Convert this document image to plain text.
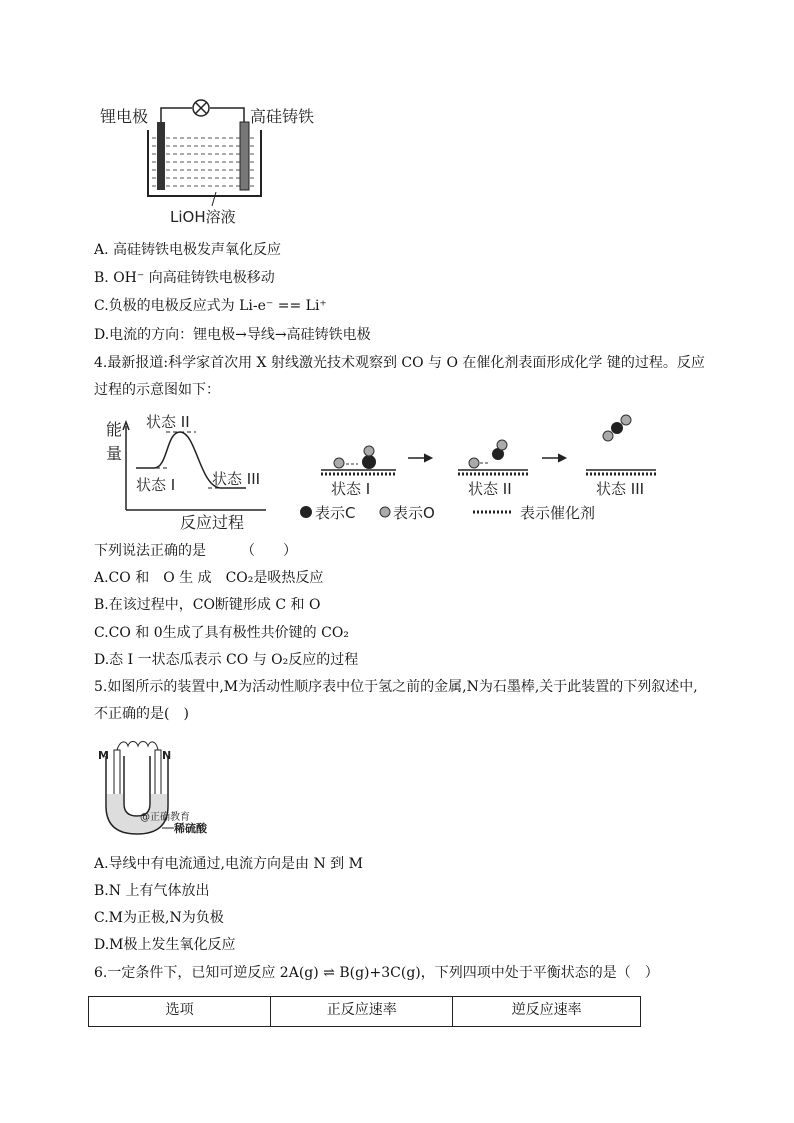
锂电极	高硅铸铁
LiOH溶液
A. 高硅铸铁电极发声氧化反应
B. OH⁻ 向高硅铸铁电极移动
C.负极的电极反应式为 Li-e⁻ == Li⁺
D.电流的方向：锂电极→导线→高硅铸铁电极
4.最新报道:科学家首次用 X 射线激光技术观察到 CO 与 O 在催化剂表面形成化学 键的过程。反应
过程的示意图如下：
能
量
状态 I
状态 II
状态 III
反应过程
状态 I	状态 II	状态 III
表示C	表示O	表示催化剂
下列说法正确的是　　　（　　）
A.CO 和　O 生 成　CO₂是吸热反应
B.在该过程中，CO断键形成 C 和 O
C.CO 和 0生成了具有极性共价键的 CO₂
D.态 I 一状态瓜表示 CO 与 O₂反应的过程
5.如图所示的装置中,M为活动性顺序表中位于氢之前的金属,N为石墨棒,关于此装置的下列叙述中,
不正确的是(　)
M	N
@正确教育
稀硫酸
A.导线中有电流通过,电流方向是由 N 到 M
B.N 上有气体放出
C.M为正极,N为负极
D.M极上发生氧化反应
6.一定条件下，已知可逆反应 2A(g) ⇌ B(g)+3C(g)，下列四项中处于平衡状态的是（　）
选项	正反应速率	逆反应速率
